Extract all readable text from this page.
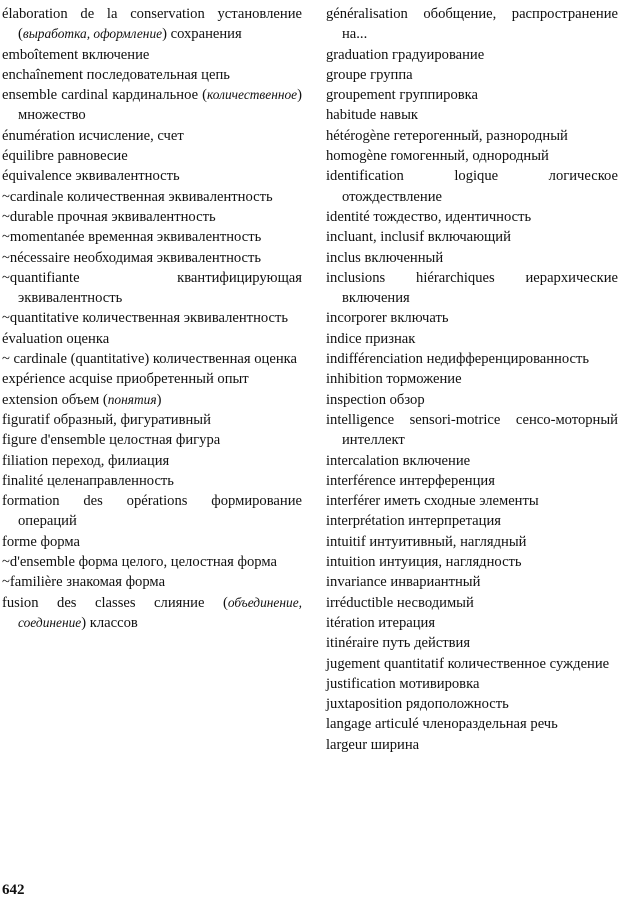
élaboration de la conservation установление (выработка, оформление) сохранения
emboîtement включение
enchaînement последовательная цепь
ensemble cardinal кардинальное (количественное) множество
énumération исчисление, счет
équilibre равновесие
équivalence эквивалентность
~cardinale количественная эквивалентность
~durable прочная эквивалентность
~momentanée временная эквивалентность
~nécessaire необходимая эквивалентность
~quantifiante квантифицирующая эквивалентность
~quantitative количественная эквивалентность
évaluation оценка
~ cardinale (quantitative) количественная оценка
expérience acquise приобретенный опыт
extension объем (понятия)
figuratif образный, фигуративный
figure d'ensemble целостная фигура
filiation переход, филиация
finalité целенаправленность
formation des opérations формирование операций
forme форма
~d'ensemble форма целого, целостная форма
~familière знакомая форма
fusion des classes слияние (объединение, соединение) классов
généralisation обобщение, распространение на...
graduation градуирование
groupe группа
groupement группировка
habitude навык
hétérogène гетерогенный, разнородный
homogène гомогенный, однородный
identification logique логическое отождествление
identité тождество, идентичность
incluant, inclusif включающий
inclus включенный
inclusions hiérarchiques иерархические включения
incorporer включать
indice признак
indifférenciation недифференцированность
inhibition торможение
inspection обзор
intelligence sensori-motrice сенсо-моторный интеллект
intercalation включение
interférence интерференция
interférer иметь сходные элементы
interprétation интерпретация
intuitif интуитивный, наглядный
intuition интуиция, наглядность
invariance инвариантный
irréductible несводимый
itération итерация
itinéraire путь действия
jugement quantitatif количественное суждение
justification мотивировка
juxtaposition рядоположность
langage articulé членораздельная речь
largeur ширина
642
